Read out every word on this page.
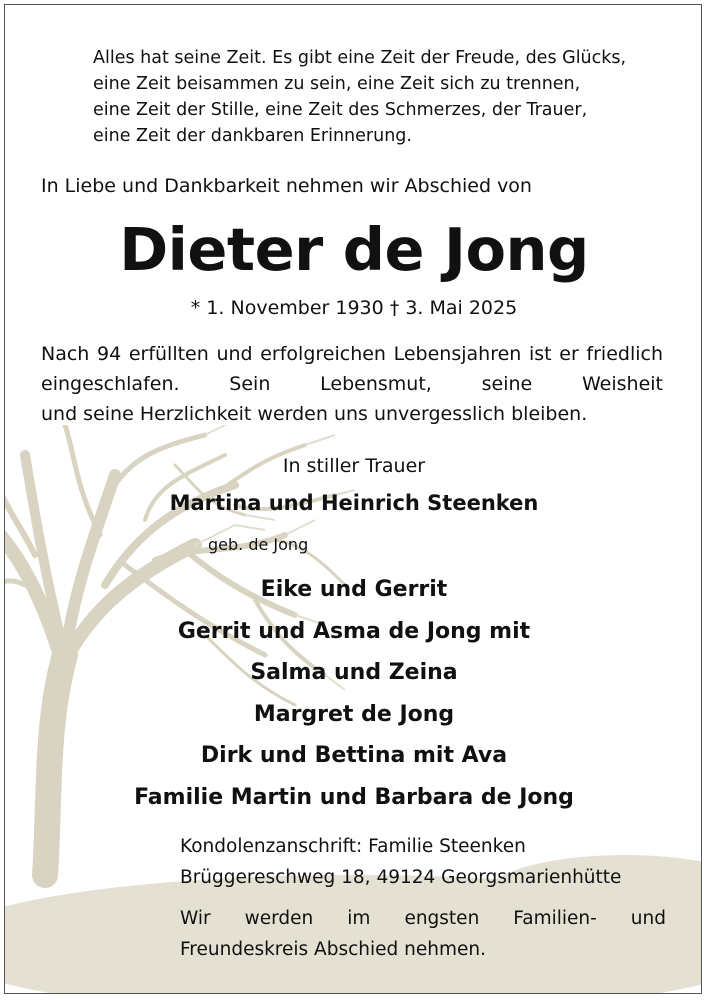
Alles hat seine Zeit. Es gibt eine Zeit der Freude, des Glücks,
eine Zeit beisammen zu sein, eine Zeit sich zu trennen,
eine Zeit der Stille, eine Zeit des Schmerzes, der Trauer,
eine Zeit der dankbaren Erinnerung.
In Liebe und Dankbarkeit nehmen wir Abschied von
Dieter de Jong
* 1. November 1930 † 3. Mai 2025
Nach 94 erfüllten und erfolgreichen Lebensjahren ist er friedlich eingeschlafen. Sein Lebensmut, seine Weisheit
und seine Herzlichkeit werden uns unvergesslich bleiben.
In stiller Trauer
Martina und Heinrich Steenken
geb. de Jong
Eike und Gerrit
Gerrit und Asma de Jong mit
Salma und Zeina
Margret de Jong
Dirk und Bettina mit Ava
Familie Martin und Barbara de Jong
Kondolenzanschrift: Familie Steenken
Brüggereschweg 18, 49124 Georgsmarienhütte
Wir werden im engsten Familien- und
Freundeskreis Abschied nehmen.
